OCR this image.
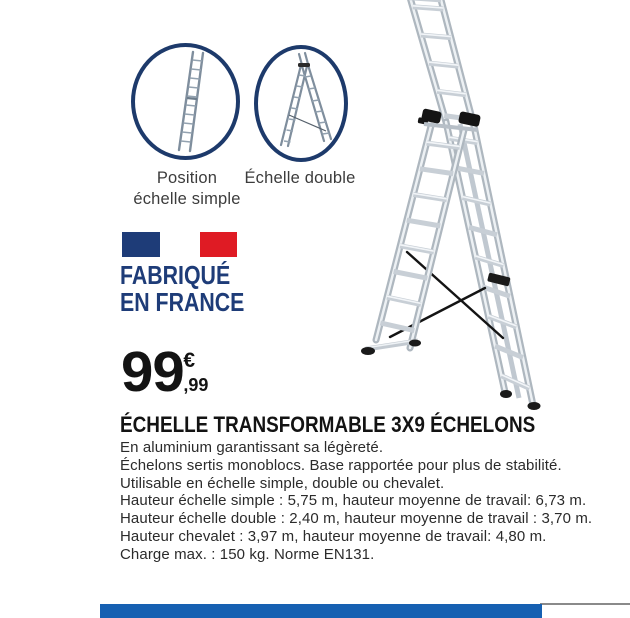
Position
échelle simple
Échelle double
FABRIQUÉ
EN FRANCE
99 €
,99
ÉCHELLE TRANSFORMABLE 3X9 ÉCHELONS
En aluminium garantissant sa légèreté.
Échelons sertis monoblocs. Base rapportée pour plus de stabilité.
Utilisable en échelle simple, double ou chevalet.
Hauteur échelle simple : 5,75 m, hauteur moyenne de travail: 6,73 m.
Hauteur échelle double : 2,40 m, hauteur moyenne de travail : 3,70 m.
Hauteur chevalet : 3,97 m, hauteur moyenne de travail: 4,80 m.
Charge max. : 150 kg. Norme EN131.
